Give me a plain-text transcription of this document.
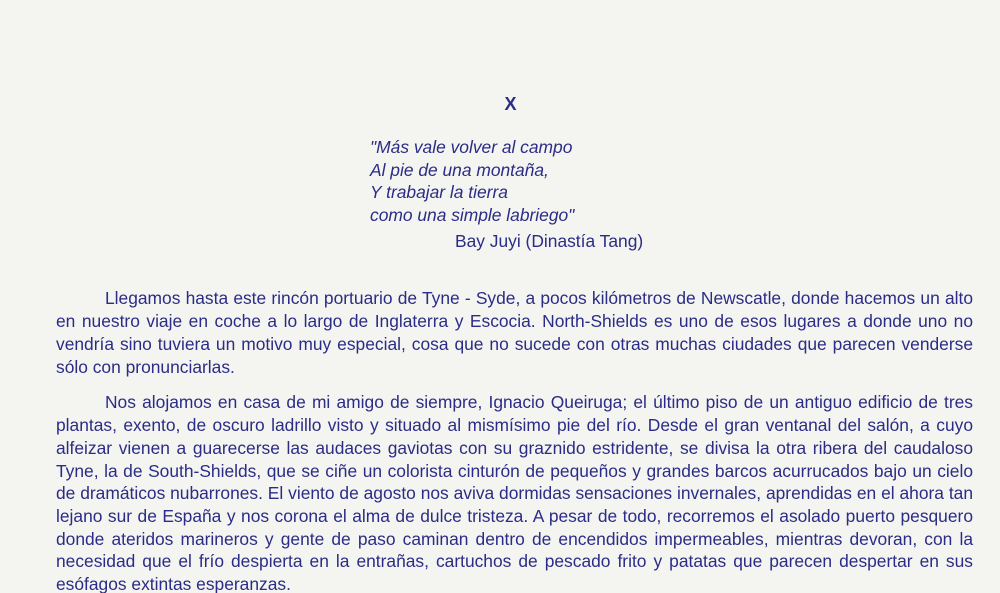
X
"Más vale volver al campo
Al pie de una montaña,
Y trabajar la tierra
como una simple labriego"
Bay Juyi (Dinastía Tang)

Llegamos hasta este rincón portuario de Tyne - Syde, a pocos kilómetros de Newscatle, donde hacemos un alto en nuestro viaje en coche a lo largo de Inglaterra y Escocia. North-Shields es uno de esos lugares a donde uno no vendría sino tuviera un motivo muy especial, cosa que no sucede con otras muchas ciudades que parecen venderse sólo con pronunciarlas.

Nos alojamos en casa de mi amigo de siempre, Ignacio Queiruga; el último piso de un antiguo edificio de tres plantas, exento, de oscuro ladrillo visto y situado al mismísimo pie del río. Desde el gran ventanal del salón, a cuyo alfeizar vienen a guarecerse las audaces gaviotas con su graznido estridente, se divisa la otra ribera del caudaloso Tyne, la de South-Shields, que se ciñe un colorista cinturón de pequeños y grandes barcos acurrucados bajo un cielo de dramáticos nubarrones. El viento de agosto nos aviva dormidas sensaciones invernales, aprendidas en el ahora tan lejano sur de España y nos corona el alma de dulce tristeza. A pesar de todo, recorremos el asolado puerto pesquero donde ateridos marineros y gente de paso caminan dentro de encendidos impermeables, mientras devoran, con la necesidad que el frío despierta en la entrañas, cartuchos de pescado frito y patatas que parecen despertar en sus esófagos extintas esperanzas.
